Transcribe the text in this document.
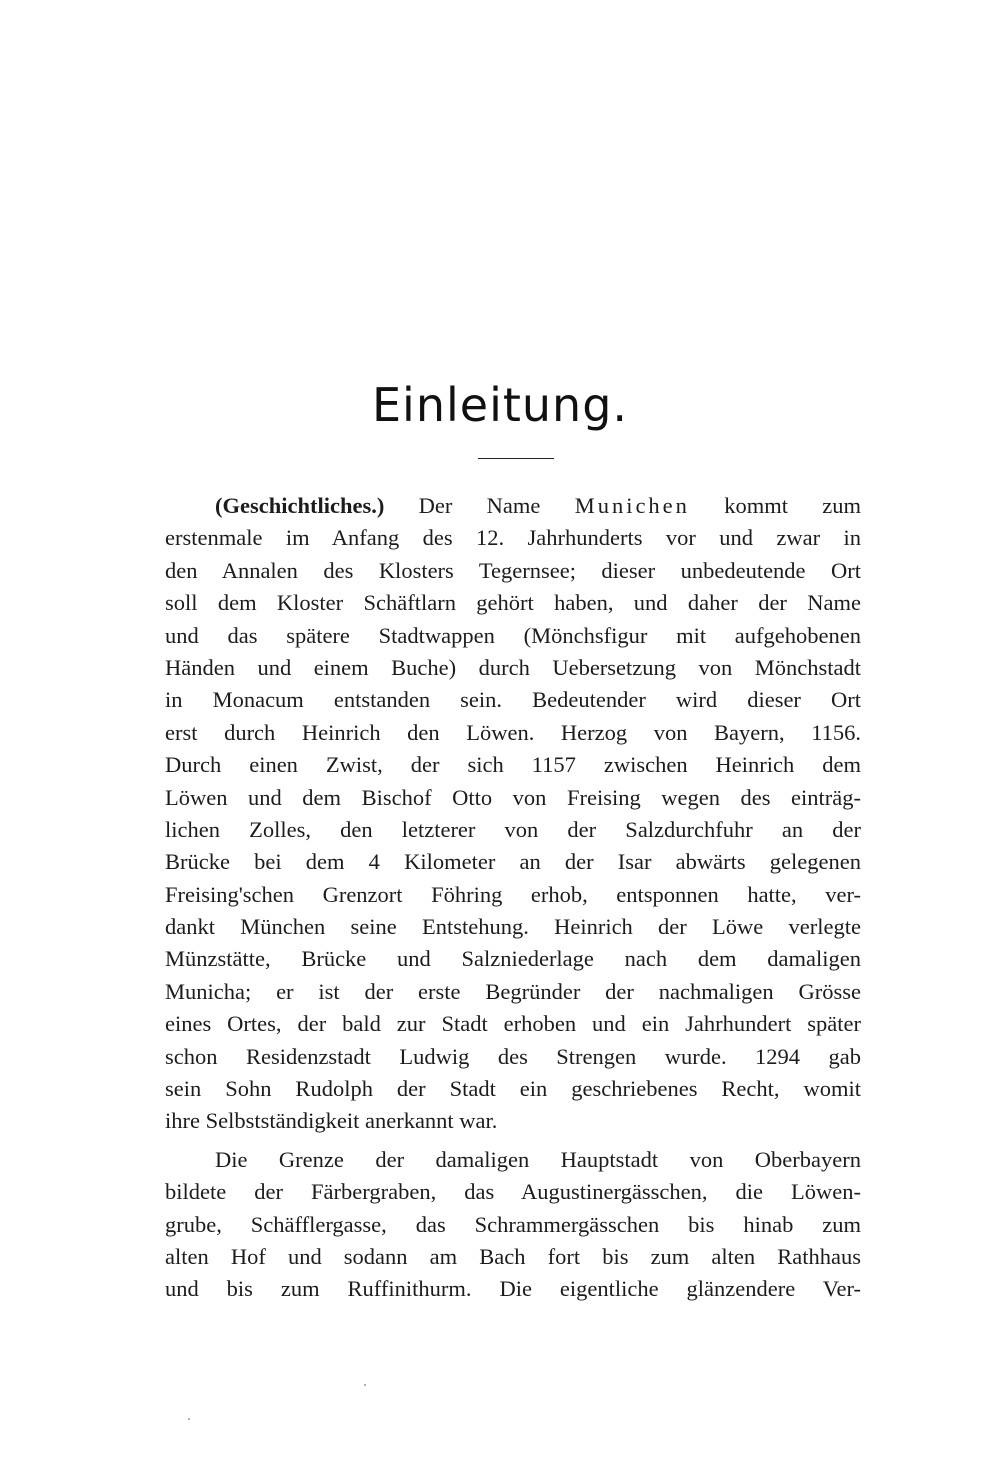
Einleitung.
(Geschichtliches.) Der Name Munichen kommt zum
erstenmale im Anfang des 12. Jahrhunderts vor und zwar in
den Annalen des Klosters Tegernsee; dieser unbedeutende Ort
soll dem Kloster Schäftlarn gehört haben, und daher der Name
und das spätere Stadtwappen (Mönchsfigur mit aufgehobenen
Händen und einem Buche) durch Uebersetzung von Mönchstadt
in Monacum entstanden sein. Bedeutender wird dieser Ort
erst durch Heinrich den Löwen. Herzog von Bayern, 1156.
Durch einen Zwist, der sich 1157 zwischen Heinrich dem
Löwen und dem Bischof Otto von Freising wegen des einträg-
lichen Zolles, den letzterer von der Salzdurchfuhr an der
Brücke bei dem 4 Kilometer an der Isar abwärts gelegenen
Freising'schen Grenzort Föhring erhob, entsponnen hatte, ver-
dankt München seine Entstehung. Heinrich der Löwe verlegte
Münzstätte, Brücke und Salzniederlage nach dem damaligen
Municha; er ist der erste Begründer der nachmaligen Grösse
eines Ortes, der bald zur Stadt erhoben und ein Jahrhundert später
schon Residenzstadt Ludwig des Strengen wurde. 1294 gab
sein Sohn Rudolph der Stadt ein geschriebenes Recht, womit
ihre Selbstständigkeit anerkannt war.
Die Grenze der damaligen Hauptstadt von Oberbayern
bildete der Färbergraben, das Augustinergässchen, die Löwen-
grube, Schäfflergasse, das Schrammergässchen bis hinab zum
alten Hof und sodann am Bach fort bis zum alten Rathhaus
und bis zum Ruffinithurm. Die eigentliche glänzendere Ver-
